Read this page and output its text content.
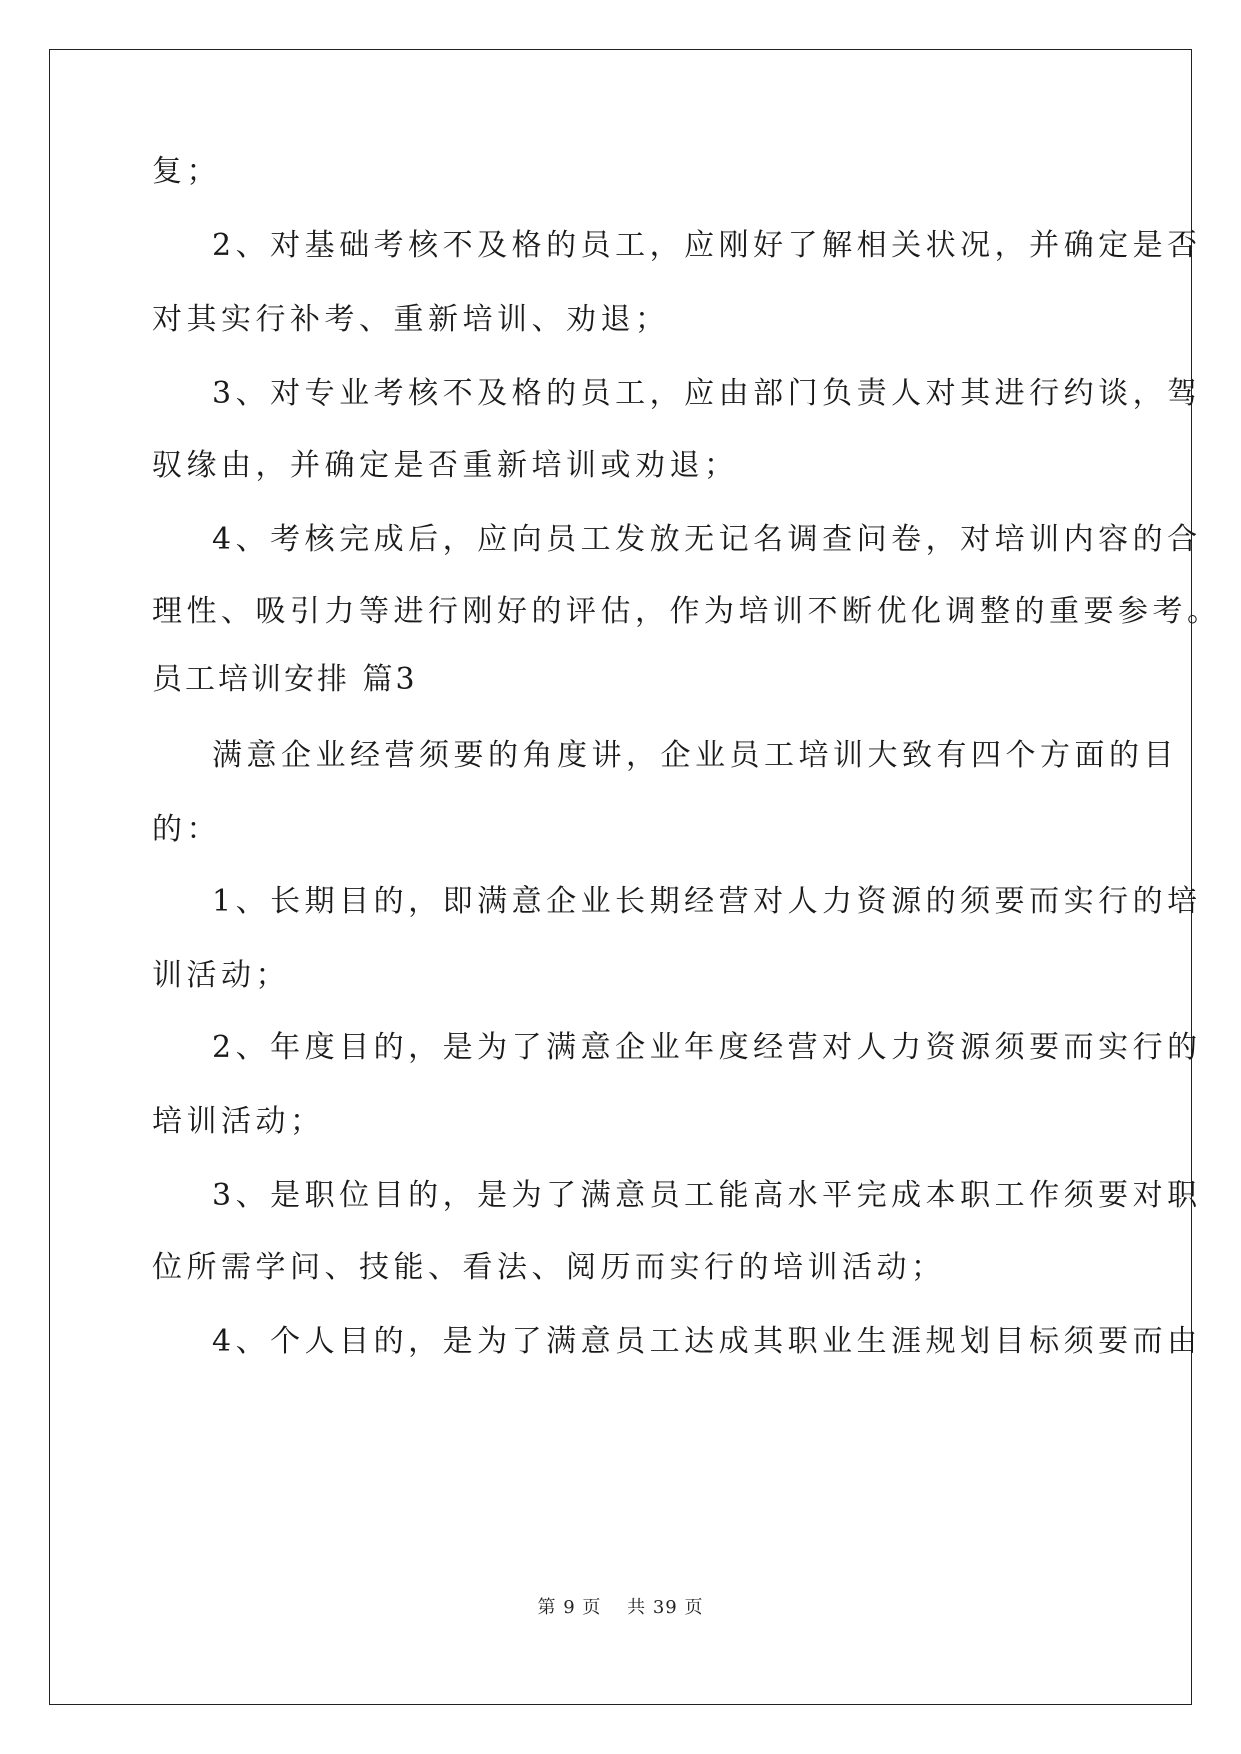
复；
2、对基础考核不及格的员工，应刚好了解相关状况，并确定是否
对其实行补考、重新培训、劝退；
3、对专业考核不及格的员工，应由部门负责人对其进行约谈，驾
驭缘由，并确定是否重新培训或劝退；
4、考核完成后，应向员工发放无记名调查问卷，对培训内容的合
理性、吸引力等进行刚好的评估，作为培训不断优化调整的重要参考。
员工培训安排 篇3
满意企业经营须要的角度讲，企业员工培训大致有四个方面的目
的：
1、长期目的，即满意企业长期经营对人力资源的须要而实行的培
训活动；
2、年度目的，是为了满意企业年度经营对人力资源须要而实行的
培训活动；
3、是职位目的，是为了满意员工能高水平完成本职工作须要对职
位所需学问、技能、看法、阅历而实行的培训活动；
4、个人目的，是为了满意员工达成其职业生涯规划目标须要而由
第 9 页　 共 39 页
